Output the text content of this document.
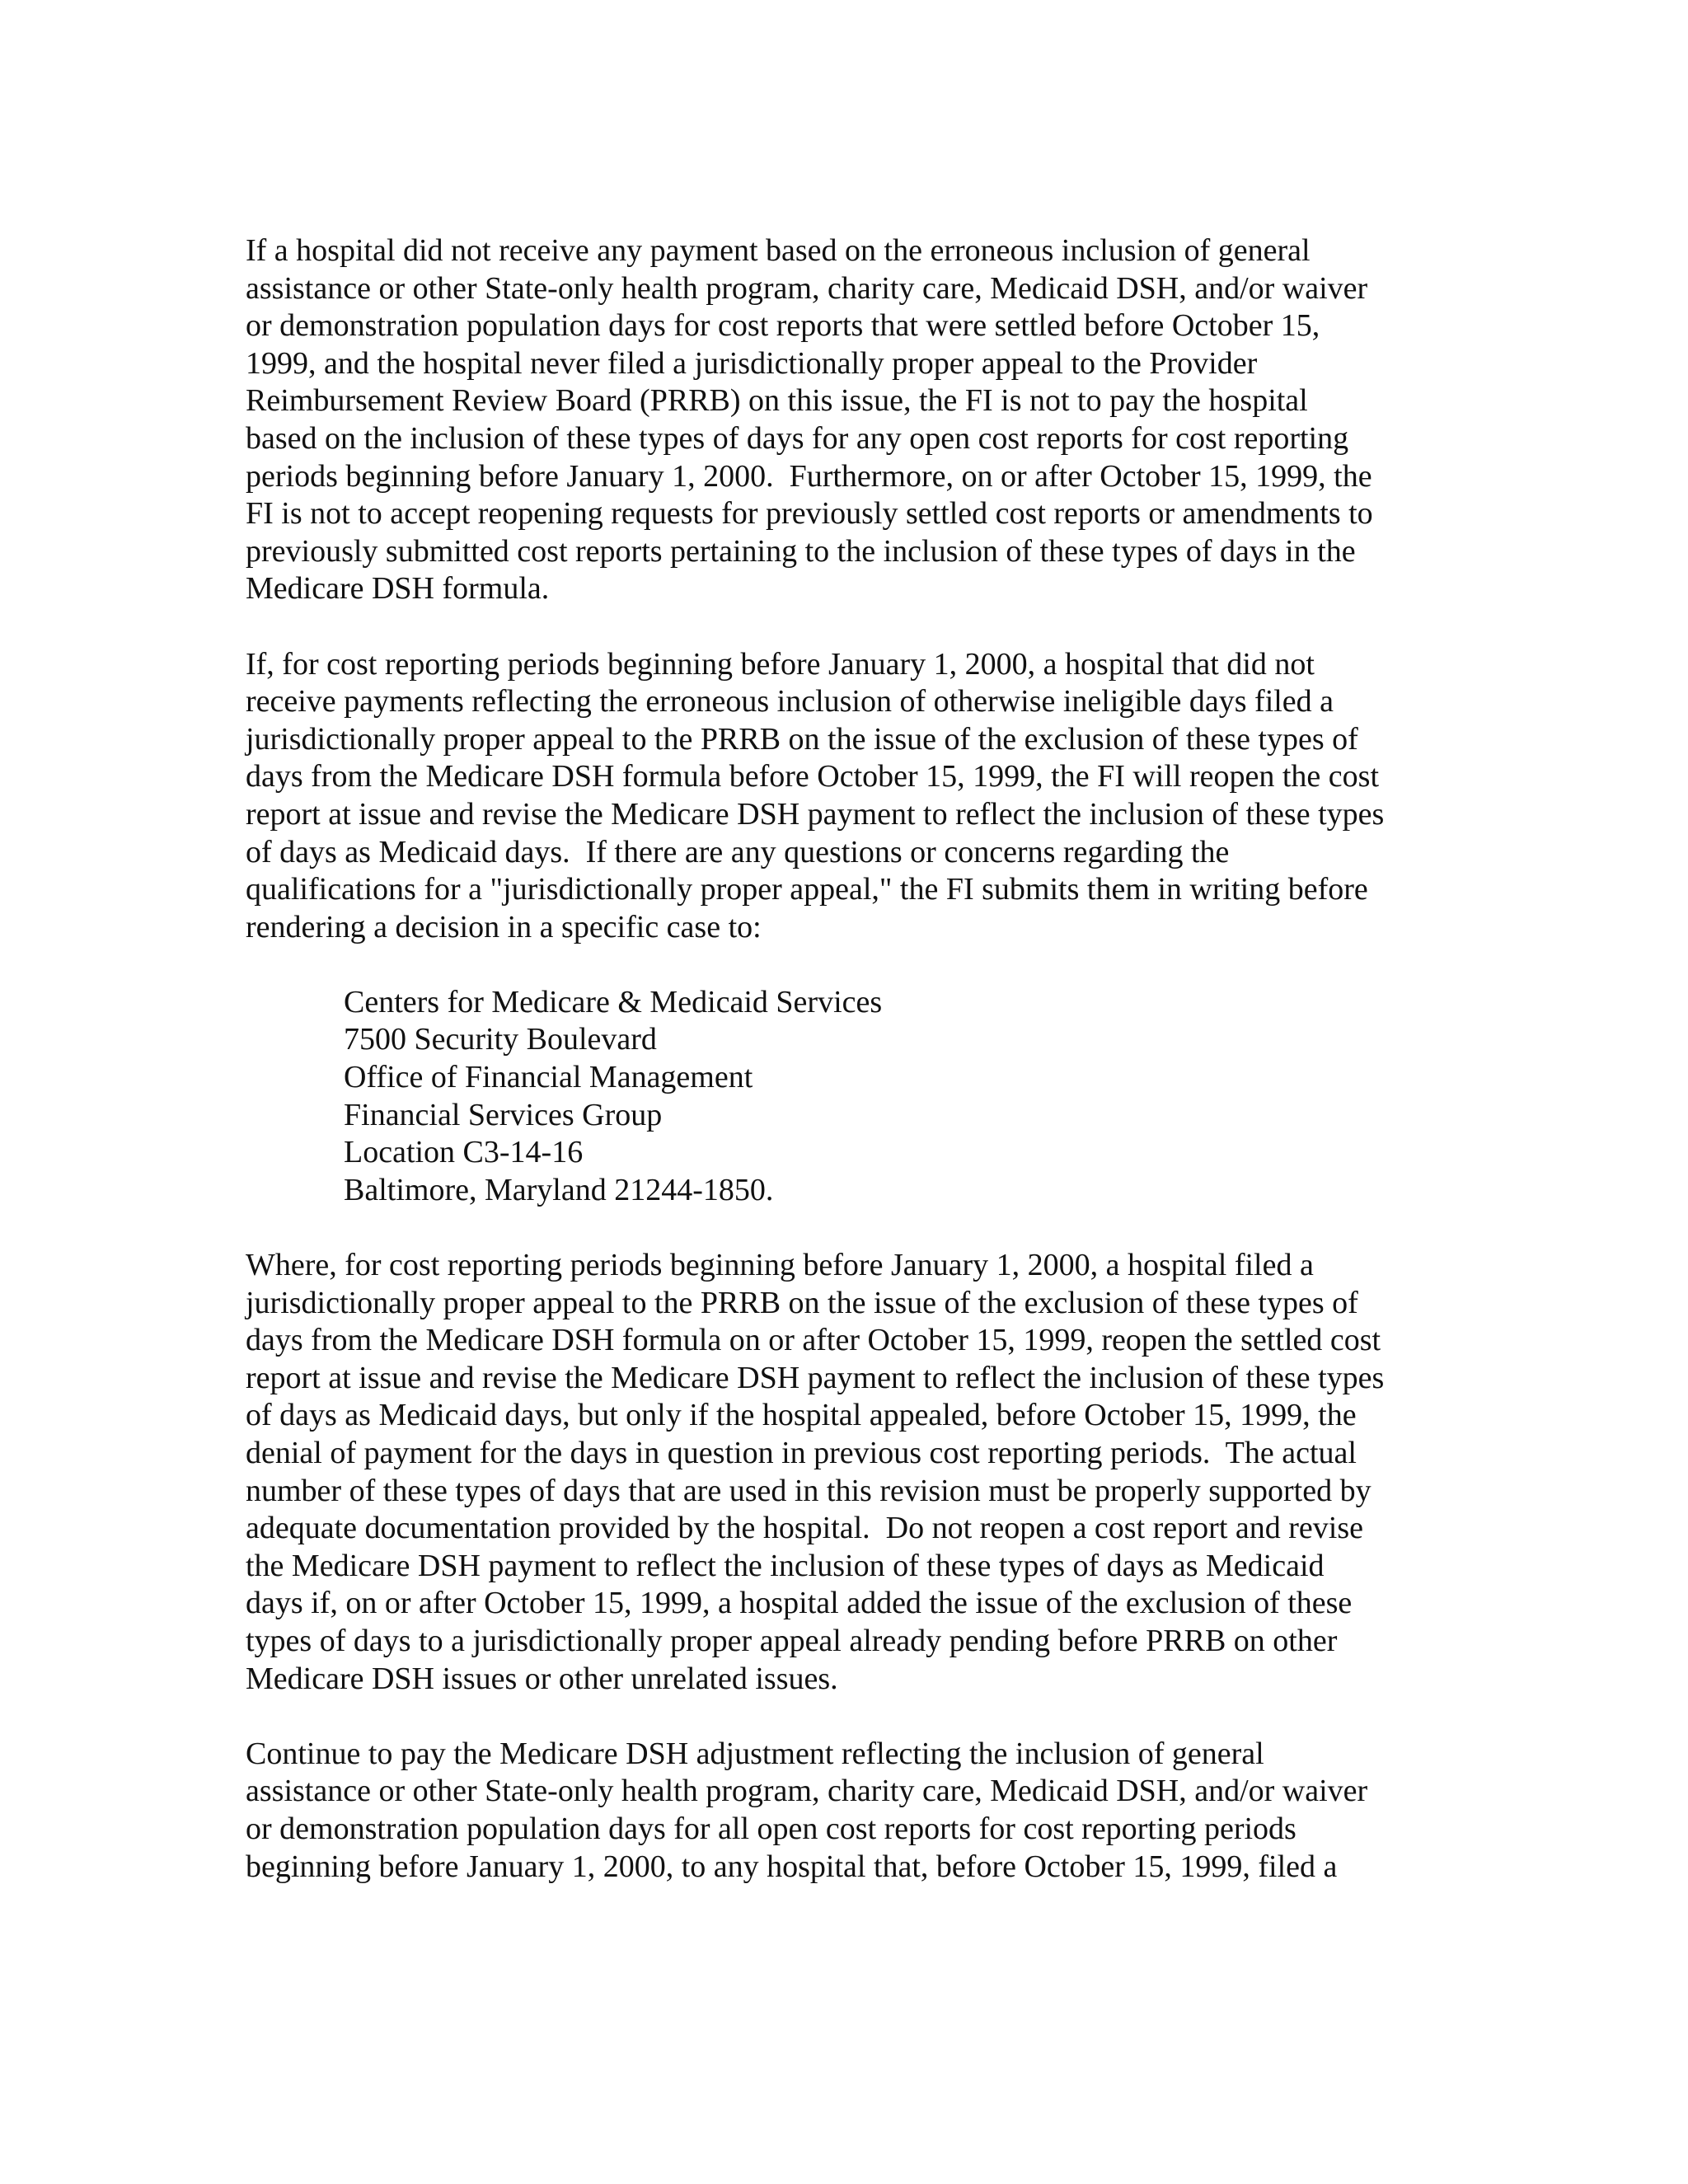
If a hospital did not receive any payment based on the erroneous inclusion of general
assistance or other State-only health program, charity care, Medicaid DSH, and/or waiver
or demonstration population days for cost reports that were settled before October 15,
1999, and the hospital never filed a jurisdictionally proper appeal to the Provider
Reimbursement Review Board (PRRB) on this issue, the FI is not to pay the hospital
based on the inclusion of these types of days for any open cost reports for cost reporting
periods beginning before January 1, 2000.  Furthermore, on or after October 15, 1999, the
FI is not to accept reopening requests for previously settled cost reports or amendments to
previously submitted cost reports pertaining to the inclusion of these types of days in the
Medicare DSH formula.

If, for cost reporting periods beginning before January 1, 2000, a hospital that did not
receive payments reflecting the erroneous inclusion of otherwise ineligible days filed a
jurisdictionally proper appeal to the PRRB on the issue of the exclusion of these types of
days from the Medicare DSH formula before October 15, 1999, the FI will reopen the cost
report at issue and revise the Medicare DSH payment to reflect the inclusion of these types
of days as Medicaid days.  If there are any questions or concerns regarding the
qualifications for a "jurisdictionally proper appeal," the FI submits them in writing before
rendering a decision in a specific case to:

Centers for Medicare & Medicaid Services
7500 Security Boulevard
Office of Financial Management
Financial Services Group
Location C3-14-16
Baltimore, Maryland 21244-1850.

Where, for cost reporting periods beginning before January 1, 2000, a hospital filed a
jurisdictionally proper appeal to the PRRB on the issue of the exclusion of these types of
days from the Medicare DSH formula on or after October 15, 1999, reopen the settled cost
report at issue and revise the Medicare DSH payment to reflect the inclusion of these types
of days as Medicaid days, but only if the hospital appealed, before October 15, 1999, the
denial of payment for the days in question in previous cost reporting periods.  The actual
number of these types of days that are used in this revision must be properly supported by
adequate documentation provided by the hospital.  Do not reopen a cost report and revise
the Medicare DSH payment to reflect the inclusion of these types of days as Medicaid
days if, on or after October 15, 1999, a hospital added the issue of the exclusion of these
types of days to a jurisdictionally proper appeal already pending before PRRB on other
Medicare DSH issues or other unrelated issues.

Continue to pay the Medicare DSH adjustment reflecting the inclusion of general
assistance or other State-only health program, charity care, Medicaid DSH, and/or waiver
or demonstration population days for all open cost reports for cost reporting periods
beginning before January 1, 2000, to any hospital that, before October 15, 1999, filed a
